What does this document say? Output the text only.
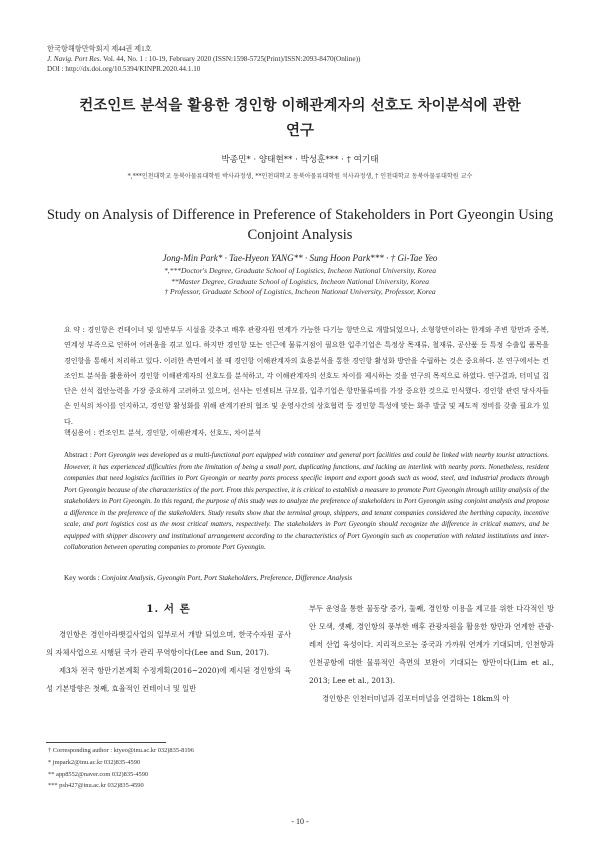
한국항해항만학회지 제44권 제1호
J. Navig. Port Res. Vol. 44, No. 1 : 10-19, February 2020 (ISSN:1598-5725(Print)/ISSN:2093-8470(Online))
DOI : http://dx.doi.org/10.5394/KINPR.2020.44.1.10
컨조인트 분석을 활용한 경인항 이해관계자의 선호도 차이분석에 관한
연구
박종민* · 양태현** · 박성훈*** · † 여기태
*,***인천대학교 동북아물류대학원 박사과정생, **인천대학교 동북아물류대학원 석사과정생, † 인천대학교 동북아물류대학원 교수
Study on Analysis of Difference in Preference of Stakeholders in Port Gyeongin Using
Conjoint Analysis
Jong-Min Park* · Tae-Hyeon YANG** · Sung Hoon Park*** · † Gi-Tae Yeo
*,***Doctor's Degree, Graduate School of Logistics, Incheon National University, Korea
**Master Degree, Graduate School of Logistics, Incheon National University, Korea
† Professor, Graduate School of Logistics, Incheon National University, Professor, Korea
요 약 : 경인항은 컨테이너 및 일반부두 시설을 갖추고 배후 관광자원 연계가 가능한 다기능 항만으로 개발되었으나, 소형항만이라는 한계와 주변 항만과 중복, 연계성 부족으로 인하여 어려움을 겪고 있다. 하지만 경인항 또는 인근에 물류거점이 필요한 입주기업은 특정상 목재류, 철재류, 공산품 등 특정 수출입 품목을 경인항을 통해서 처리하고 있다. 이러한 측면에서 볼 때 경인항 이해관계자의 효용분석을 통한 경인항 활성화 방안을 수립하는 것은 중요하다. 본 연구에서는 컨조인트 분석을 활용하여 경인항 이해관계자의 선호도를 분석하고, 각 이해관계자의 선호도 차이를 제시하는 것을 연구의 목적으로 하였다. 연구결과, 터미널 집단은 선석 접안능력을 가장 중요하게 고려하고 있으며, 선사는 인센티브 규모를, 입주기업은 항만물류비를 가장 중요한 것으로 인식했다. 경인항 관련 당사자들은 인식의 차이를 인지하고, 경인항 활성화를 위해 관계기관의 협조 및 운영사간의 상호협력 등 경인항 특성에 맞는 화주 발굴 및 제도적 정비를 갖출 필요가 있다.
핵심용어 : 컨조인트 분석, 경인항, 이해관계자, 선호도, 차이분석
Abstract : Port Gyeongin was developed as a multi-functional port equipped with container and general port facilities and could be linked with nearby tourist attractions. However, it has experienced difficulties from the limitation of being a small port, duplicating functions, and lacking an interlink with nearby ports. Nonetheless, resident companies that need logistics facilities in Port Gyeongin or nearby ports process specific import and export goods such as wood, steel, and industrial products through Port Gyeongin because of the characteristics of the port. From this perspective, it is critical to establish a measure to promote Port Gyeongin through utility analysis of the stakeholders in Port Gyeongin. In this regard, the purpose of this study was to analyze the preference of stakeholders in Port Gyeongin using conjoint analysis and propose a difference in the preference of the stakeholders. Study results show that the terminal group, shippers, and tenant companies considered the berthing capacity, incentive scale, and port logistics cost as the most critical matters, respectively. The stakeholders in Port Gyeongin should recognize the difference in critical matters, and be equipped with shipper discovery and institutional arrangement according to the characteristics of Port Gyeongin such as cooperation with related institutions and inter-collaboration between operating companies to promote Port Gyeongin.
Key words : Conjoint Analysis, Gyeongin Port, Port Stakeholders, Preference, Difference Analysis
1. 서 론

경인항은 경인아라뱃길사업의 일부로서 개발 되었으며, 한국수자원 공사의 자체사업으로 시행된 국가 관리 무역항이다(Lee and Sun, 2017).

제3차 전국 항만기본계획 수정계획(2016~2020)에 제시된 경인항의 육성 기본방향은 첫째, 효율적인 컨테이너 및 일반

부두 운영을 통한 물동량 증가, 둘째, 경인항 이용을 제고를 위한 다각적인 방안 모색, 셋째, 경인항의 풍부한 배후 관광자원을 활용한 항만과 연계한 관광·레저 산업 육성이다. 지리적으로는 중국과 가까워 연계가 기대되며, 인천항과 인천공항에 대한 물류적인 측면의 보완이 기대되는 항만이다(Lim et al., 2013; Lee et al., 2013).

경인항은 인천터미널과 김포터미널을 연결하는 18km의 아

† Corresponding author : ktyeo@inu.ac.kr 032)835-8196
* jmpark2@inu.ac.kr 032)835-4590
** app8552@naver.com 032)835-4590
*** psh427@inu.ac.kr 032)835-4590
- 10 -
